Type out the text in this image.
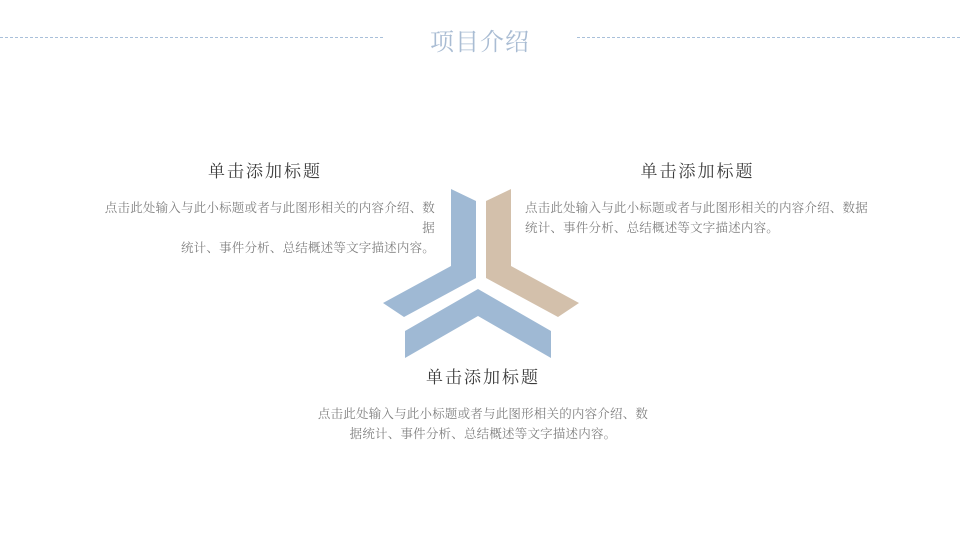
项目介绍
单击添加标题
点击此处输入与此小标题或者与此图形相关的内容介绍、数据
统计、事件分析、总结概述等文字描述内容。
单击添加标题
点击此处输入与此小标题或者与此图形相关的内容介绍、数据
统计、事件分析、总结概述等文字描述内容。
单击添加标题
点击此处输入与此小标题或者与此图形相关的内容介绍、数
据统计、事件分析、总结概述等文字描述内容。
